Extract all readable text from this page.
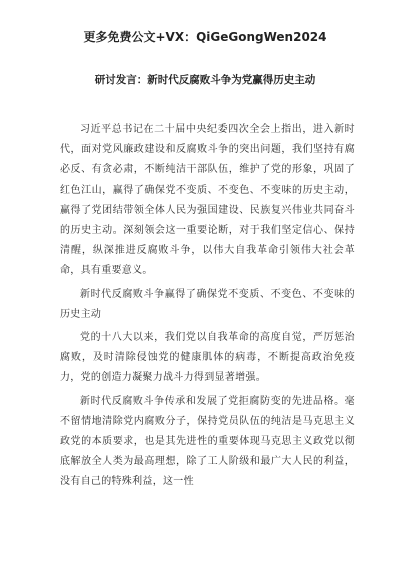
更多免费公文+VX：QiGeGongWen2024
研讨发言：新时代反腐败斗争为党赢得历史主动

习近平总书记在二十届中央纪委四次全会上指出，进入新时代，面对党风廉政建设和反腐败斗争的突出问题，我们坚持有腐必反、有贪必肃，不断纯洁干部队伍，维护了党的形象，巩固了红色江山，赢得了确保党不变质、不变色、不变味的历史主动，赢得了党团结带领全体人民为强国建设、民族复兴伟业共同奋斗的历史主动。深刻领会这一重要论断，对于我们坚定信心、保持清醒，纵深推进反腐败斗争，以伟大自我革命引领伟大社会革命，具有重要意义。

新时代反腐败斗争赢得了确保党不变质、不变色、不变味的历史主动

党的十八大以来，我们党以自我革命的高度自觉，严厉惩治腐败，及时清除侵蚀党的健康肌体的病毒，不断提高政治免疫力，党的创造力凝聚力战斗力得到显著增强。

新时代反腐败斗争传承和发展了党拒腐防变的先进品格。毫不留情地清除党内腐败分子，保持党员队伍的纯洁是马克思主义政党的本质要求，也是其先进性的重要体现马克思主义政党以彻底解放全人类为最高理想，除了工人阶级和最广大人民的利益，没有自己的特殊利益，这一性
